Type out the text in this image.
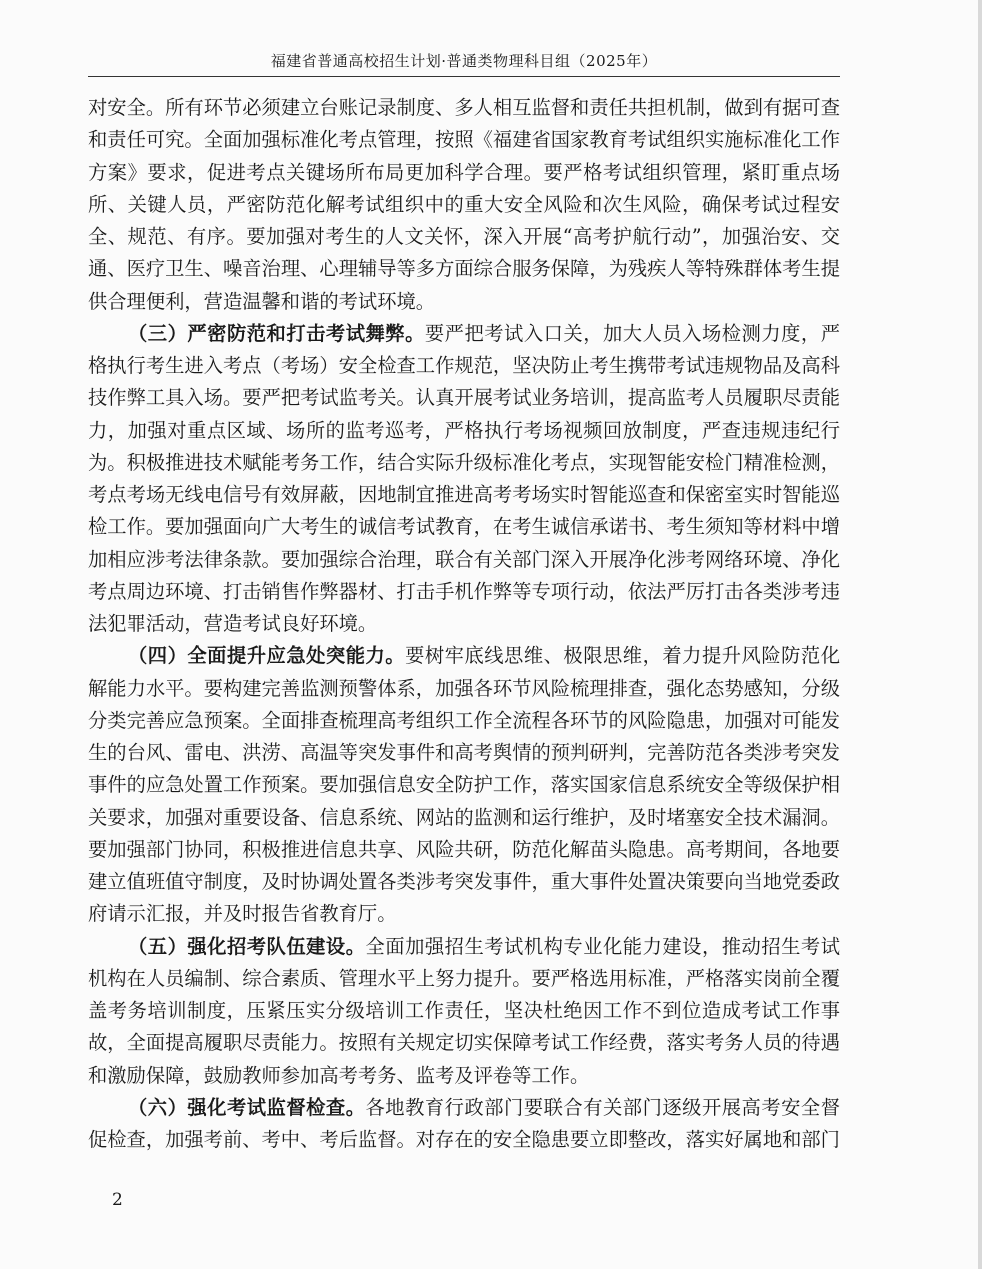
福建省普通高校招生计划·普通类物理科目组（2025年）

对安全。所有环节必须建立台账记录制度、多人相互监督和责任共担机制，做到有据可查和责任可究。全面加强标准化考点管理，按照《福建省国家教育考试组织实施标准化工作方案》要求，促进考点关键场所布局更加科学合理。要严格考试组织管理，紧盯重点场所、关键人员，严密防范化解考试组织中的重大安全风险和次生风险，确保考试过程安全、规范、有序。要加强对考生的人文关怀，深入开展“高考护航行动”，加强治安、交通、医疗卫生、噪音治理、心理辅导等多方面综合服务保障，为残疾人等特殊群体考生提供合理便利，营造温馨和谐的考试环境。

（三）严密防范和打击考试舞弊。要严把考试入口关，加大人员入场检测力度，严格执行考生进入考点（考场）安全检查工作规范，坚决防止考生携带考试违规物品及高科技作弊工具入场。要严把考试监考关。认真开展考试业务培训，提高监考人员履职尽责能力，加强对重点区域、场所的监考巡考，严格执行考场视频回放制度，严查违规违纪行为。积极推进技术赋能考务工作，结合实际升级标准化考点，实现智能安检门精准检测，考点考场无线电信号有效屏蔽，因地制宜推进高考考场实时智能巡查和保密室实时智能巡检工作。要加强面向广大考生的诚信考试教育，在考生诚信承诺书、考生须知等材料中增加相应涉考法律条款。要加强综合治理，联合有关部门深入开展净化涉考网络环境、净化考点周边环境、打击销售作弊器材、打击手机作弊等专项行动，依法严厉打击各类涉考违法犯罪活动，营造考试良好环境。

（四）全面提升应急处突能力。要树牢底线思维、极限思维，着力提升风险防范化解能力水平。要构建完善监测预警体系，加强各环节风险梳理排查，强化态势感知，分级分类完善应急预案。全面排查梳理高考组织工作全流程各环节的风险隐患，加强对可能发生的台风、雷电、洪涝、高温等突发事件和高考舆情的预判研判，完善防范各类涉考突发事件的应急处置工作预案。要加强信息安全防护工作，落实国家信息系统安全等级保护相关要求，加强对重要设备、信息系统、网站的监测和运行维护，及时堵塞安全技术漏洞。要加强部门协同，积极推进信息共享、风险共研，防范化解苗头隐患。高考期间，各地要建立值班值守制度，及时协调处置各类涉考突发事件，重大事件处置决策要向当地党委政府请示汇报，并及时报告省教育厅。

（五）强化招考队伍建设。全面加强招生考试机构专业化能力建设，推动招生考试机构在人员编制、综合素质、管理水平上努力提升。要严格选用标准，严格落实岗前全覆盖考务培训制度，压紧压实分级培训工作责任，坚决杜绝因工作不到位造成考试工作事故，全面提高履职尽责能力。按照有关规定切实保障考试工作经费，落实考务人员的待遇和激励保障，鼓励教师参加高考考务、监考及评卷等工作。

（六）强化考试监督检查。各地教育行政部门要联合有关部门逐级开展高考安全督促检查，加强考前、考中、考后监督。对存在的安全隐患要立即整改，落实好属地和部门

2
